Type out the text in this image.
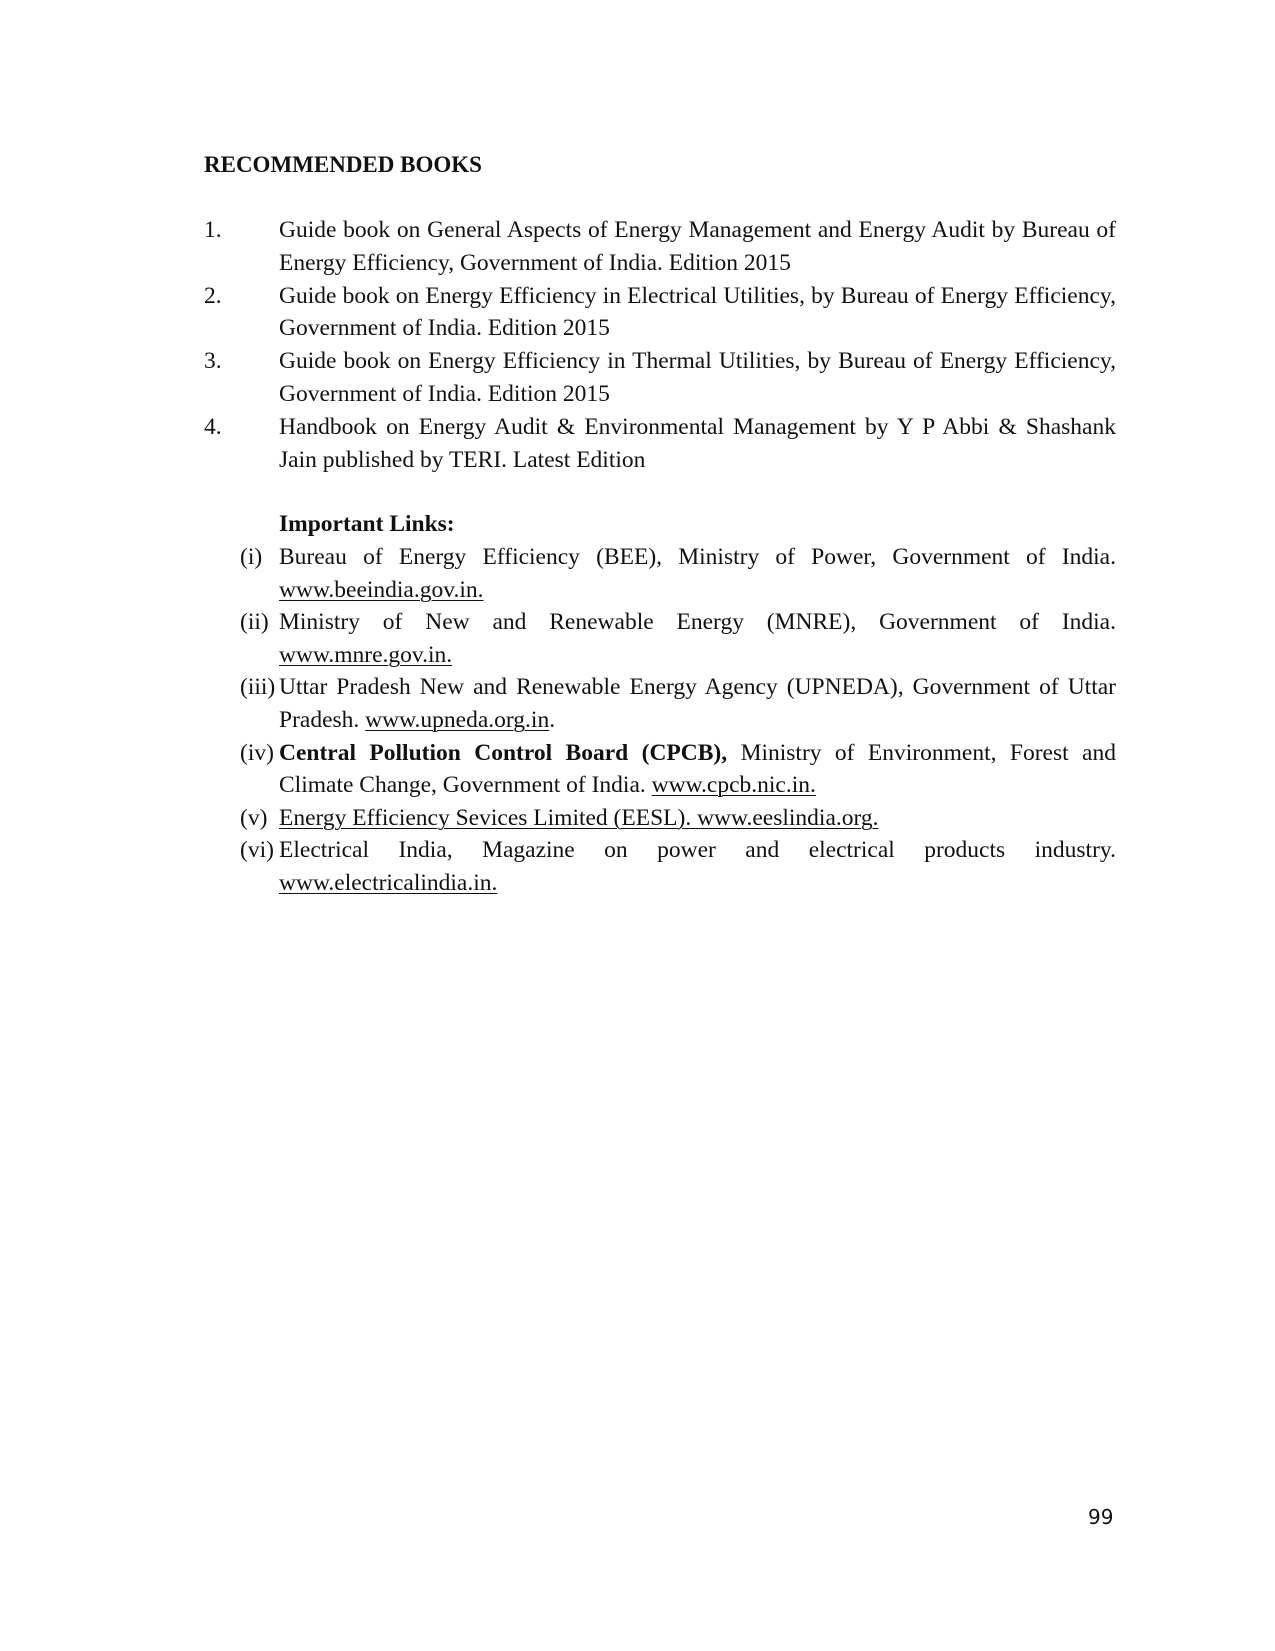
RECOMMENDED BOOKS
1. Guide book on General Aspects of Energy Management and Energy Audit by Bureau of Energy Efficiency, Government of India. Edition 2015
2. Guide book on Energy Efficiency in Electrical Utilities, by Bureau of Energy Efficiency, Government of India. Edition 2015
3. Guide book on Energy Efficiency in Thermal Utilities, by Bureau of Energy Efficiency, Government of India. Edition 2015
4. Handbook on Energy Audit & Environmental Management by Y P Abbi & Shashank Jain published by TERI. Latest Edition
Important Links:
(i) Bureau of Energy Efficiency (BEE), Ministry of Power, Government of India. www.beeindia.gov.in.
(ii) Ministry of New and Renewable Energy (MNRE), Government of India. www.mnre.gov.in.
(iii) Uttar Pradesh New and Renewable Energy Agency (UPNEDA), Government of Uttar Pradesh. www.upneda.org.in.
(iv) Central Pollution Control Board (CPCB), Ministry of Environment, Forest and Climate Change, Government of India. www.cpcb.nic.in.
(v) Energy Efficiency Sevices Limited (EESL). www.eeslindia.org.
(vi) Electrical India, Magazine on power and electrical products industry. www.electricalindia.in.
99
